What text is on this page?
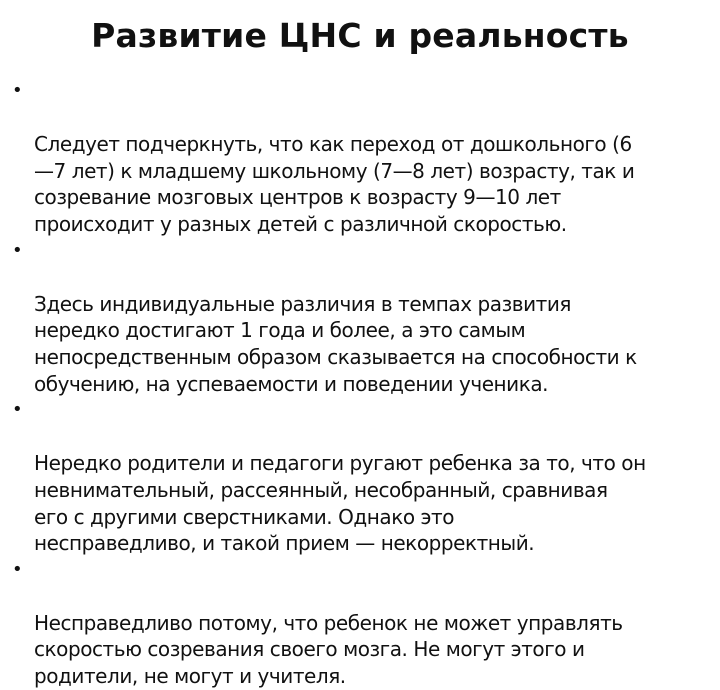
Развитие ЦНС и реальность

•

Следует подчеркнуть, что как переход от дошкольного (6
—7 лет) к младшему школьному (7—8 лет) возрасту, так и
созревание мозговых центров к возрасту 9—10 лет
происходит у разных детей с различной скоростью.

•

Здесь индивидуальные различия в темпах развития
нередко достигают 1 года и более, а это самым
непосредственным образом сказывается на способности к
обучению, на успеваемости и поведении ученика.

•

Нередко родители и педагоги ругают ребенка за то, что он
невнимательный, рассеянный, несобранный, сравнивая
его с другими сверстниками. Однако это
несправедливо, и такой прием — некорректный.

•

Несправедливо потому, что ребенок не может управлять
скоростью созревания своего мозга. Не могут этого и
родители, не могут и учителя.
